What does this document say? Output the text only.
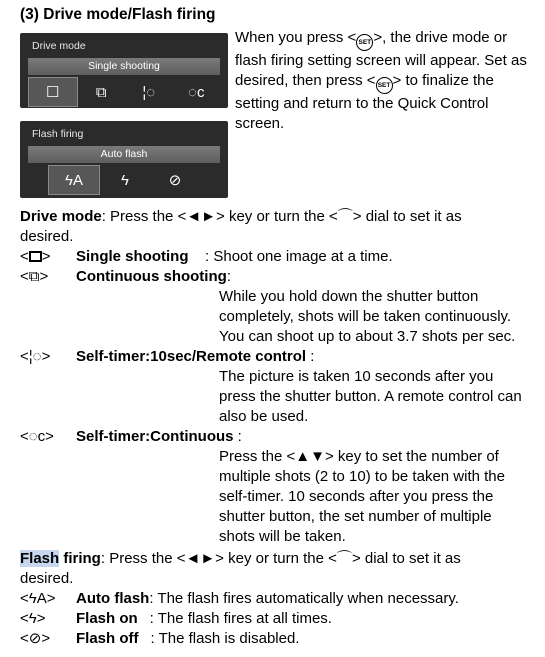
(3) Drive mode/Flash firing
Drive mode
Single shooting
☐	⧉	¦◌	◌c
Flash firing
Auto flash
ϟA	ϟ	⊘
When you press < SET >, the drive mode or flash firing setting screen will appear. Set as desired, then press < SET > to finalize the setting and return to the Quick Control screen.
Drive mode: Press the <◄►> key or turn the <⌒> dial to set it as
desired.
< > Single shooting : Shoot one image at a time.
<⧉> Continuous shooting:
While you hold down the shutter button completely, shots will be taken continuously. You can shoot up to about 3.7 shots per sec.
<¦◌> Self-timer:10sec/Remote control :
The picture is taken 10 seconds after you press the shutter button. A remote control can also be used.
<◌c> Self-timer:Continuous :
Press the <▲▼> key to set the number of multiple shots (2 to 10) to be taken with the self-timer. 10 seconds after you press the shutter button, the set number of multiple shots will be taken.
Flash firing: Press the <◄►> key or turn the <⌒> dial to set it as
desired.
<ϟA> Auto flash: The flash fires automatically when necessary.
<ϟ> Flash on : The flash fires at all times.
<⊘> Flash off : The flash is disabled.
